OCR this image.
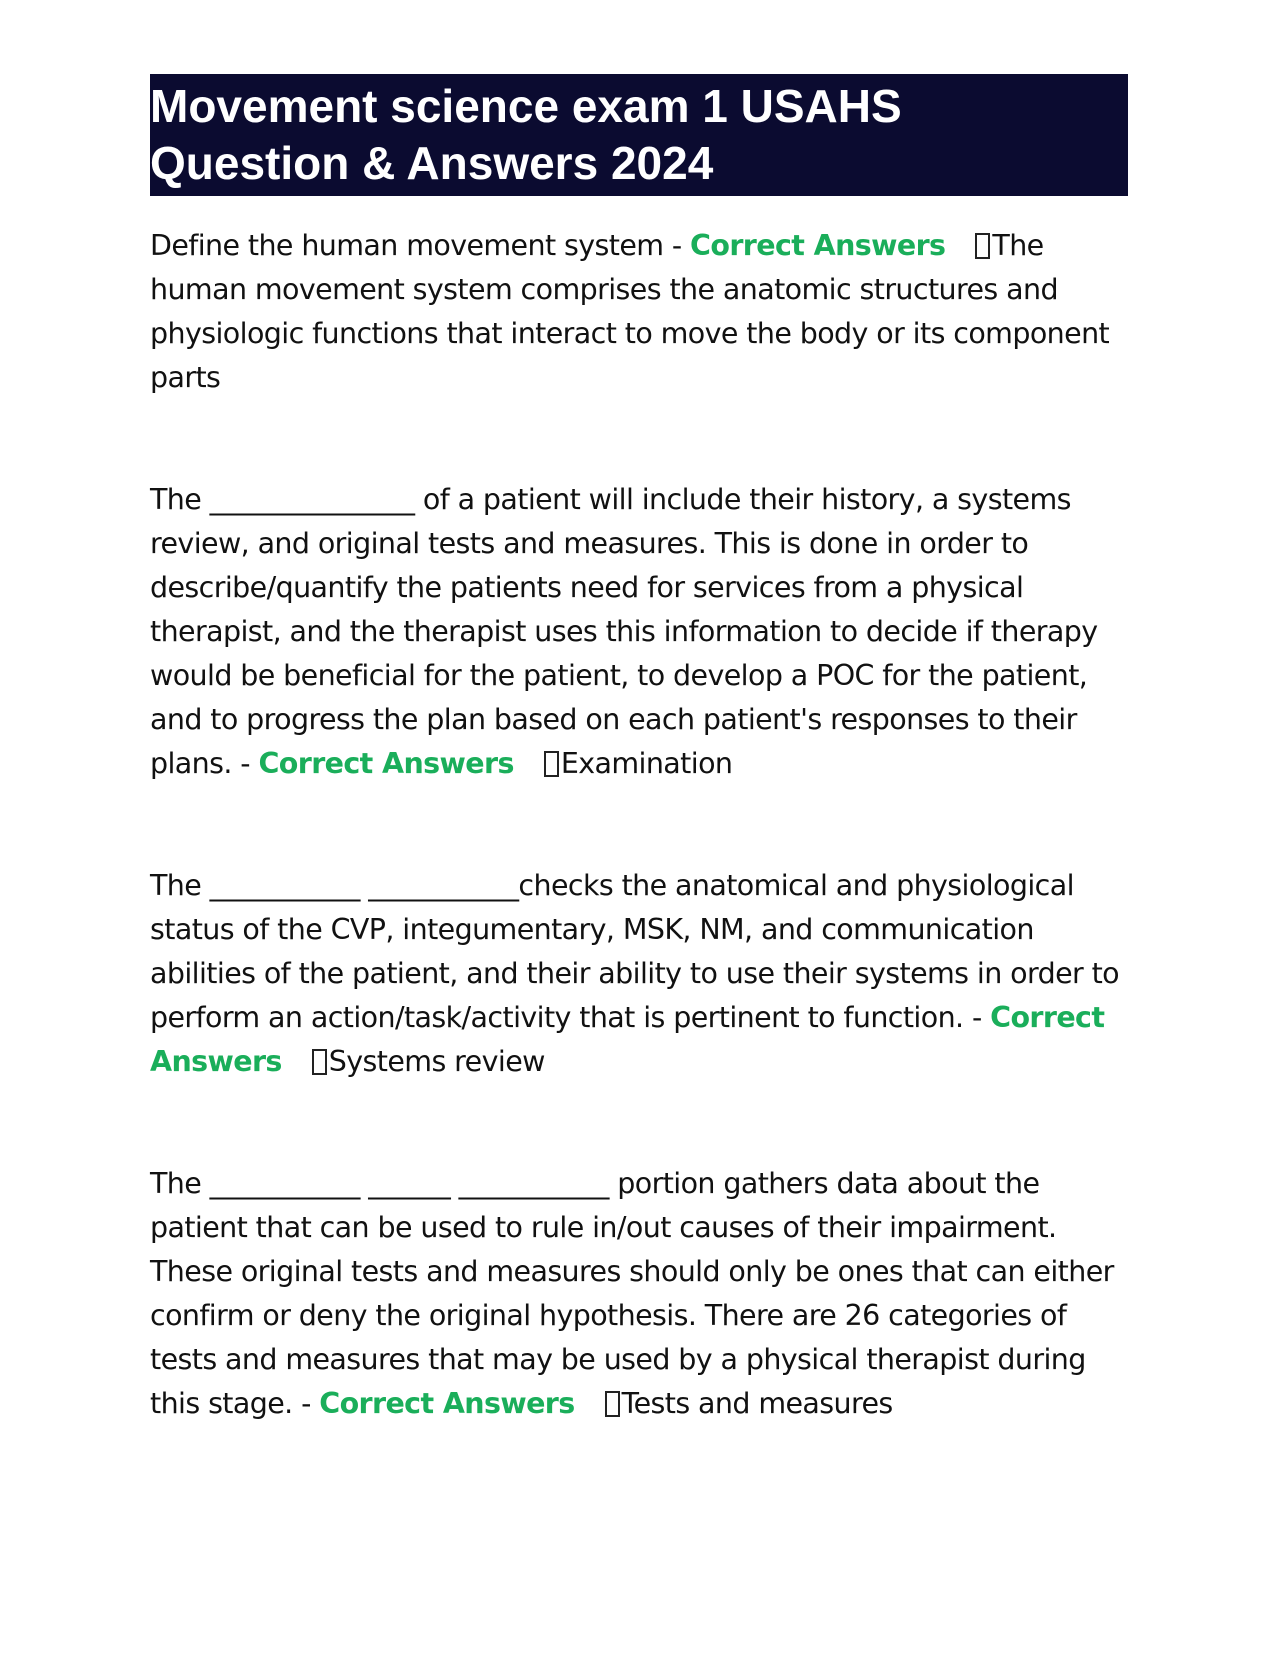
Movement science exam 1 USAHS
Question & Answers 2024

Define the human movement system - Correct Answers The human movement system comprises the anatomic structures and physiologic functions that interact to move the body or its component parts

The _______________ of a patient will include their history, a systems review, and original tests and measures. This is done in order to describe/quantify the patients need for services from a physical therapist, and the therapist uses this information to decide if therapy would be beneficial for the patient, to develop a POC for the patient, and to progress the plan based on each patient's responses to their plans. - Correct Answers Examination

The ___________ ___________checks the anatomical and physiological status of the CVP, integumentary, MSK, NM, and communication abilities of the patient, and their ability to use their systems in order to perform an action/task/activity that is pertinent to function. - Correct Answers Systems review

The ___________ ______ ___________ portion gathers data about the patient that can be used to rule in/out causes of their impairment. These original tests and measures should only be ones that can either confirm or deny the original hypothesis. There are 26 categories of tests and measures that may be used by a physical therapist during this stage. - Correct Answers Tests and measures
